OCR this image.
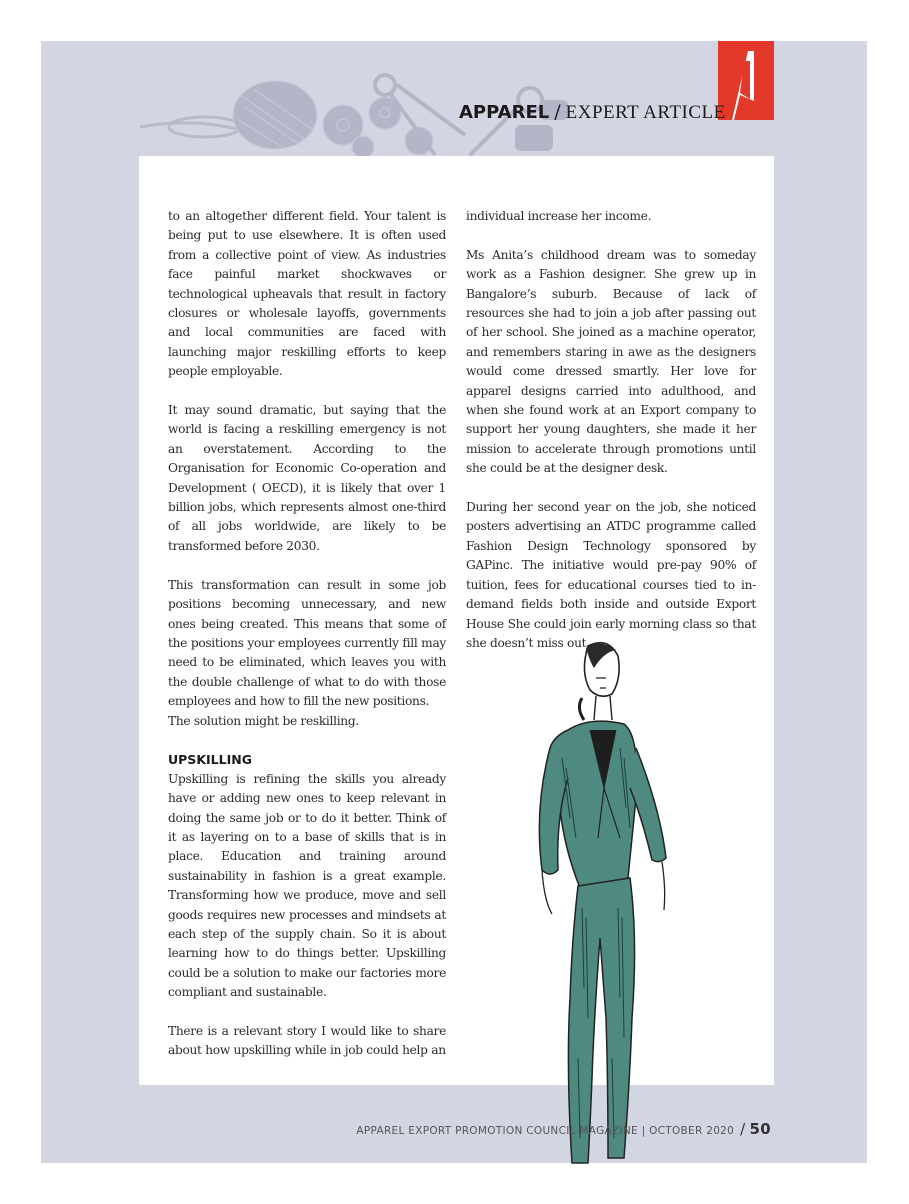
APPAREL / EXPERT ARTICLE

to an altogether different field. Your talent is being put to use elsewhere. It is often used from a collective point of view. As industries face painful market shockwaves or technological upheavals that result in factory closures or wholesale layoffs, governments and local communities are faced with launching major reskilling efforts to keep people employable.

It may sound dramatic, but saying that the world is facing a reskilling emergency is not an overstatement. According to the Organisation for Economic Co-operation and Development ( OECD), it is likely that over 1 billion jobs, which represents almost one-third of all jobs worldwide, are likely to be transformed before 2030.

This transformation can result in some job positions becoming unnecessary, and new ones being created. This means that some of the positions your employees currently fill may need to be eliminated, which leaves you with the double challenge of what to do with those employees and how to fill the new positions.

The solution might be reskilling.

UPSKILLING

Upskilling is refining the skills you already have or adding new ones to keep relevant in doing the same job or to do it better. Think of it as layering on to a base of skills that is in place. Education and training around sustainability in fashion is a great example. Transforming how we produce, move and sell goods requires new processes and mindsets at each step of the supply chain. So it is about learning how to do things better. Upskilling could be a solution to make our factories more compliant and sustainable.

There is a relevant story I would like to share about how upskilling while in job could help an

individual increase her income.

Ms Anita’s childhood dream was to someday work as a Fashion designer. She grew up in Bangalore’s suburb. Because of lack of resources she had to join a job after passing out of her school. She joined as a machine operator, and remembers staring in awe as the designers would come dressed smartly. Her love for apparel designs carried into adulthood, and when she found work at an Export company to support her young daughters, she made it her mission to accelerate through promotions until she could be at the designer desk.

During her second year on the job, she noticed posters advertising an ATDC programme called Fashion Design Technology sponsored by GAPinc. The initiative would pre-pay 90% of tuition, fees for educational courses tied to in-demand fields both inside and outside Export House She could join early morning class so that she doesn’t miss out

APPAREL EXPORT PROMOTION COUNCIL MAGAZINE | OCTOBER 2020 / 50
